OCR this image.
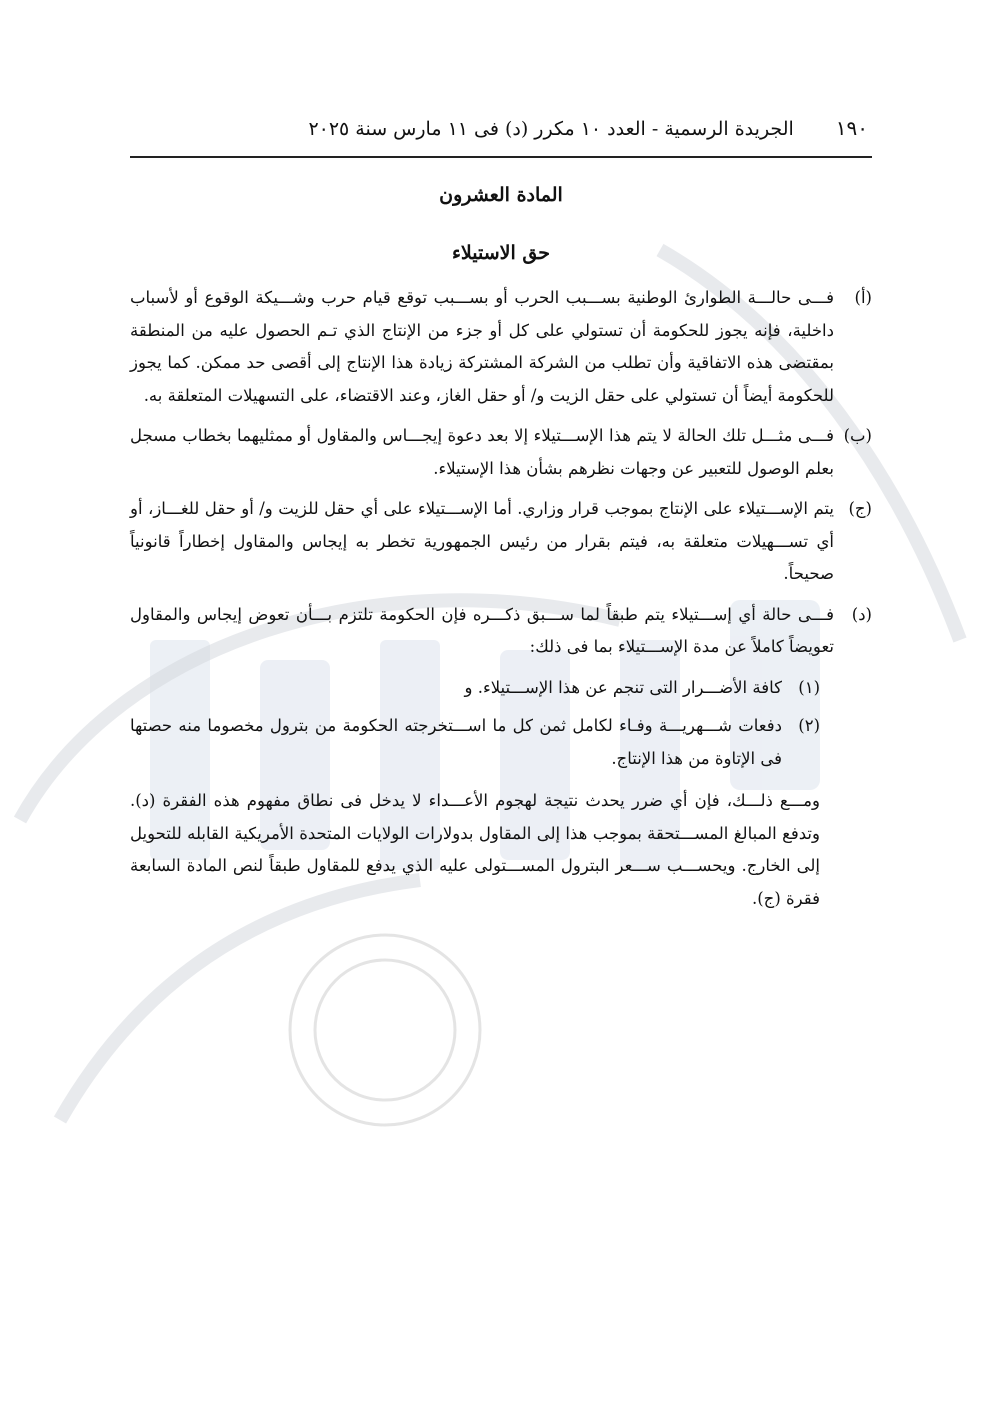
١٩٠
الجريدة الرسمية - العدد ١٠ مكرر (د) فى ١١ مارس سنة ٢٠٢٥
المادة العشرون
حق الاستيلاء

(أ)
فـــى حالـــة الطوارئ الوطنية بســـبب الحرب أو بســـبب توقع قيام حرب وشـــيكة الوقوع أو لأسباب داخلية، فإنه يجوز للحكومة أن تستولي على كل أو جزء من الإنتاج الذي تـم الحصول عليه من المنطقة بمقتضى هذه الاتفاقية وأن تطلب من الشركة المشتركة زيادة هذا الإنتاج إلى أقصى حد ممكن. كما يجوز للحكومة أيضاً أن تستولي على حقل الزيت و/ أو حقل الغاز، وعند الاقتضاء، على التسهيلات المتعلقة به.

(ب)
فـــى مثـــل تلك الحالة لا يتم هذا الإســـتيلاء إلا بعد دعوة إيجـــاس والمقاول أو ممثليهما بخطاب مسجل بعلم الوصول للتعبير عن وجهات نظرهم بشأن هذا الإستيلاء.

(ج)
يتم الإســـتيلاء على الإنتاج بموجب قرار وزاري. أما الإســـتيلاء على أي حقل للزيت و/ أو حقل للغـــاز، أو أي تســـهيلات متعلقة به، فيتم بقرار من رئيس الجمهورية تخطر به إيجاس والمقاول إخطاراً قانونياً صحيحاً.

(د)
فـــى حالة أي إســـتيلاء يتم طبقاً لما ســـبق ذكـــره فإن الحكومة تلتزم بـــأن تعوض إيجاس والمقاول تعويضاً كاملاً عن مدة الإســـتيلاء بما فى ذلك:

(١)
كافة الأضـــرار التى تنجم عن هذا الإســـتيلاء. و

(٢)
دفعات شـــهريـــة وفـاء لكامل ثمن كل ما اســـتخرجته الحكومة من بترول مخصوما منه حصتها فى الإتاوة من هذا الإنتاج.

ومـــع ذلـــك، فإن أي ضرر يحدث نتيجة لهجوم الأعـــداء لا يدخل فى نطاق مفهوم هذه الفقرة (د). وتدفع المبالغ المســـتحقة بموجب هذا إلى المقاول بدولارات الولايات المتحدة الأمريكية القابله للتحويل إلى الخارج. ويحســـب ســـعر البترول المســـتولى عليه الذي يدفع للمقاول طبقاً لنص المادة السابعة فقرة (ج).
